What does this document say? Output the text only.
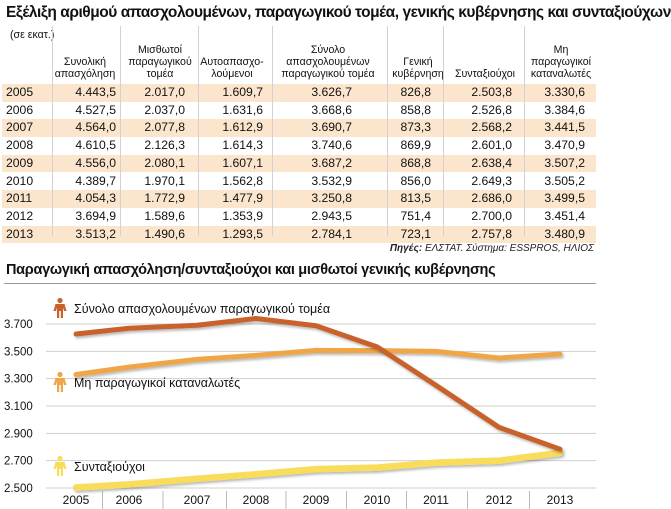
Εξέλιξη αριθμού απασχολουμένων, παραγωγικού τομέα, γενικής κυβέρνησης και συνταξιούχων
(σε εκατ.)
Συνολική
απασχόληση
Μισθωτοί
παραγωγικού
τομέα
Αυτοαπασχο-
λούμενοι
Σύνολο
απασχολουμένων
παραγωγικού τομέα
Γενική
κυβέρνηση	Συνταξιούχοι
Μη
παραγωγικοί
καταναλωτές
2005	4.443,5 2.017,0	1.609,7	3.626,7	826,8	2.503,8	3.330,6
2006	4.527,5 2.037,0	1.631,6	3.668,6	858,8	2.526,8	3.384,6
2007	4.564,0 2.077,8	1.612,9	3.690,7	873,3	2.568,2	3.441,5
2008	4.610,5 2.126,3	1.614,3	3.740,6	869,9	2.601,0	3.470,9
2009	4.556,0 2.080,1	1.607,1	3.687,2	868,8	2.638,4	3.507,2
2010	4.389,7 1.970,1	1.562,8	3.532,9	856,0	2.649,3	3.505,2
2011	4.054,3 1.772,9	1.477,9	3.250,8	813,5	2.686,0	3.499,5
2012	3.694,9 1.589,6	1.353,9	2.943,5	751,4	2.700,0	3.451,4
2013	3.513,2 1.490,6	1.293,5	2.784,1	723,1	2.757,8	3.480,9
Πηγές: ΕΛΣΤΑΤ. Σύστημα: ESSPROS, ΗΛΙΟΣ
Παραγωγική απασχόληση/συνταξιούχοι και μισθωτοί γενικής κυβέρνησης
2.500
2.700
2.900
3.100
3.300
3.500
3.700
2005 2006	2007	2008	2009	2010	2011	2012	2013
Σύνολο απασχολουμένων παραγωγικού τομέα
Μη παραγωγικοί καταναλωτές
Συνταξιούχοι
